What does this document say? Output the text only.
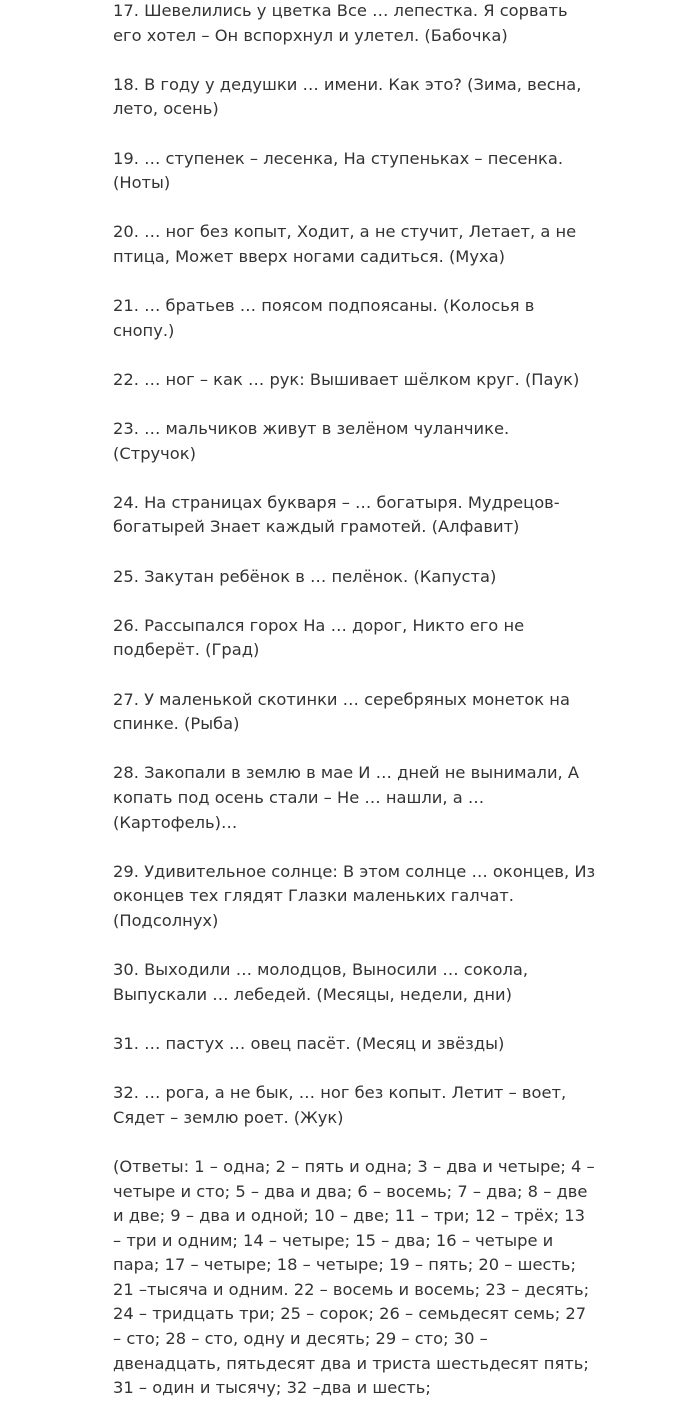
17. Шевелились у цветка Все … лепестка. Я сорвать его хотел – Он вспорхнул и улетел. (Бабочка)

18. В году у дедушки … имени. Как это? (Зима, весна, лето, осень)

19. … ступенек – лесенка, На ступеньках – песенка. (Ноты)

20. … ног без копыт, Ходит, а не стучит, Летает, а не птица, Может вверх ногами садиться. (Муха)

21. … братьев … поясом подпоясаны. (Колосья в снопу.)

22. … ног – как … рук: Вышивает шёлком круг. (Паук)

23. … мальчиков живут в зелёном чуланчике. (Стручок)

24. На страницах букваря – … богатыря. Мудрецов-богатырей Знает каждый грамотей. (Алфавит)

25. Закутан ребёнок в … пелёнок. (Капуста)

26. Рассыпался горох На … дорог, Никто его не подберёт. (Град)

27. У маленькой скотинки … серебряных монеток на спинке. (Рыба)

28. Закопали в землю в мае И … дней не вынимали, А копать под осень стали – Не … нашли, а … (Картофель)…

29. Удивительное солнце: В этом солнце … оконцев, Из оконцев тех глядят Глазки маленьких галчат. (Подсолнух)

30. Выходили … молодцов, Выносили … сокола, Выпускали … лебедей. (Месяцы, недели, дни)

31. … пастух … овец пасёт. (Месяц и звёзды)

32. … рога, а не бык, … ног без копыт. Летит – воет, Сядет – землю роет. (Жук)

(Ответы: 1 – одна; 2 – пять и одна; 3 – два и четыре; 4 – четыре и сто; 5 – два и два; 6 – восемь; 7 – два; 8 – две и две; 9 – два и одной; 10 – две; 11 – три; 12 – трёх; 13 – три и одним; 14 – четыре; 15 – два; 16 – четыре и пара; 17 – четыре; 18 – четыре; 19 – пять; 20 – шесть; 21 –тысяча и одним. 22 – восемь и восемь; 23 – десять; 24 – тридцать три; 25 – сорок; 26 – семьдесят семь; 27 – сто; 28 – сто, одну и десять; 29 – сто; 30 – двенадцать, пятьдесят два и триста шестьдесят пять; 31 – один и тысячу; 32 –два и шесть;
